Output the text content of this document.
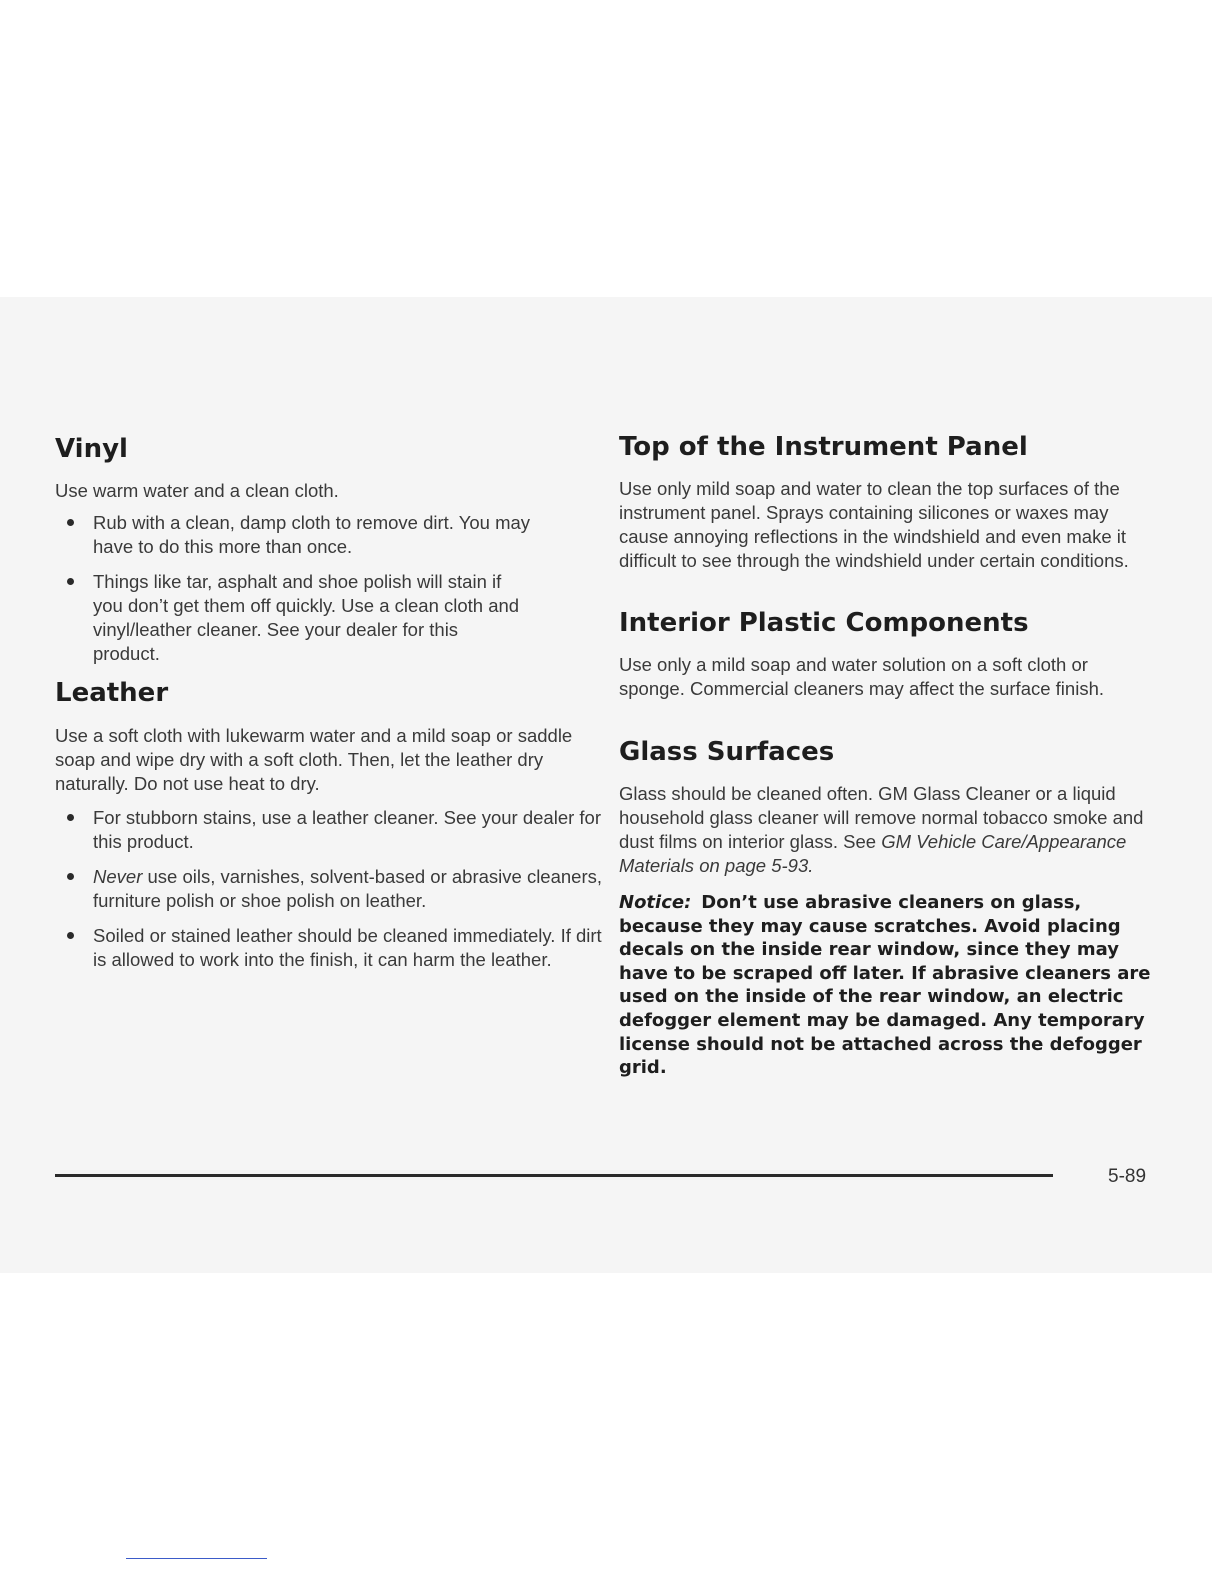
Vinyl

Use warm water and a clean cloth.

Rub with a clean, damp cloth to remove dirt. You may have to do this more than once.
Things like tar, asphalt and shoe polish will stain if you don’t get them off quickly. Use a clean cloth and vinyl/leather cleaner. See your dealer for this product.
Leather

Use a soft cloth with lukewarm water and a mild soap or saddle soap and wipe dry with a soft cloth. Then, let the leather dry naturally. Do not use heat to dry.

For stubborn stains, use a leather cleaner. See your dealer for this product.
Never use oils, varnishes, solvent-based or abrasive cleaners, furniture polish or shoe polish on leather.
Soiled or stained leather should be cleaned immediately. If dirt is allowed to work into the finish, it can harm the leather.
Top of the Instrument Panel

Use only mild soap and water to clean the top surfaces of the instrument panel. Sprays containing silicones or waxes may cause annoying reflections in the windshield and even make it difficult to see through the windshield under certain conditions.

Interior Plastic Components

Use only a mild soap and water solution on a soft cloth or sponge. Commercial cleaners may affect the surface finish.

Glass Surfaces
Glass should be cleaned often. GM Glass Cleaner or a liquid household glass cleaner will remove normal tobacco smoke and dust films on interior glass. See GM Vehicle Care/Appearance Materials on page 5-93.
Notice: Don’t use abrasive cleaners on glass, because they may cause scratches. Avoid placing decals on the inside rear window, since they may have to be scraped off later. If abrasive cleaners are used on the inside of the rear window, an electric defogger element may be damaged. Any temporary license should not be attached across the defogger grid.
5-89
